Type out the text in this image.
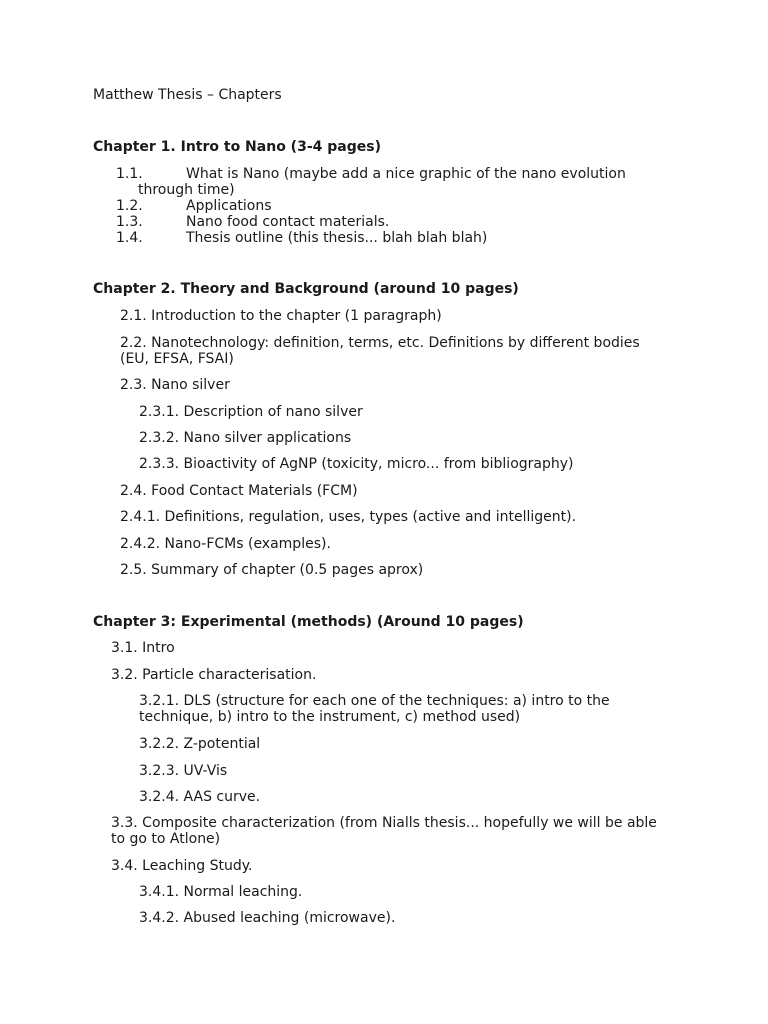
Matthew Thesis – Chapters
Chapter 1. Intro to Nano (3-4 pages)
1.1.	What is Nano (maybe add a nice graphic of the nano evolution
through time)
1.2.	Applications
1.3.	Nano food contact materials.
1.4.	Thesis outline (this thesis... blah blah blah)
Chapter 2. Theory and Background (around 10 pages)
2.1. Introduction to the chapter (1 paragraph)
2.2. Nanotechnology: definition, terms, etc. Definitions by different bodies
(EU, EFSA, FSAI)
2.3. Nano silver
2.3.1. Description of nano silver
2.3.2. Nano silver applications
2.3.3. Bioactivity of AgNP (toxicity, micro... from bibliography)
2.4. Food Contact Materials (FCM)
2.4.1. Definitions, regulation, uses, types (active and intelligent).
2.4.2. Nano-FCMs (examples).
2.5. Summary of chapter (0.5 pages aprox)
Chapter 3: Experimental (methods) (Around 10 pages)
3.1. Intro
3.2. Particle characterisation.
3.2.1. DLS (structure for each one of the techniques: a) intro to the
technique, b) intro to the instrument, c) method used)
3.2.2. Z-potential
3.2.3. UV-Vis
3.2.4. AAS curve.
3.3. Composite characterization (from Nialls thesis... hopefully we will be able
to go to Atlone)
3.4. Leaching Study.
3.4.1. Normal leaching.
3.4.2. Abused leaching (microwave).
